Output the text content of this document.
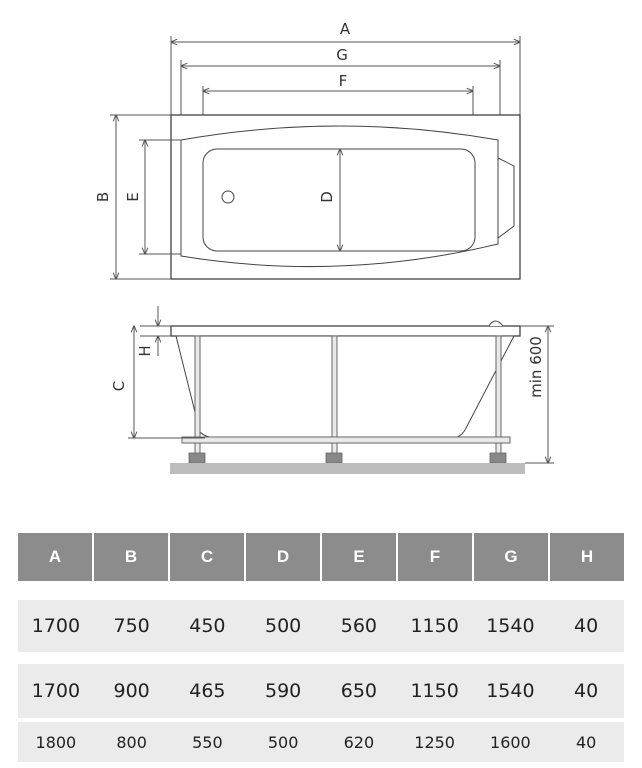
A
G
F
B E	D
H
C	min 600
A	B	C	D	E	F	G	H
1700	750	450	500	560	1150	1540	40
1700	900	465	590	650	1150	1540	40
1800	800	550	500	620	1250	1600	40
